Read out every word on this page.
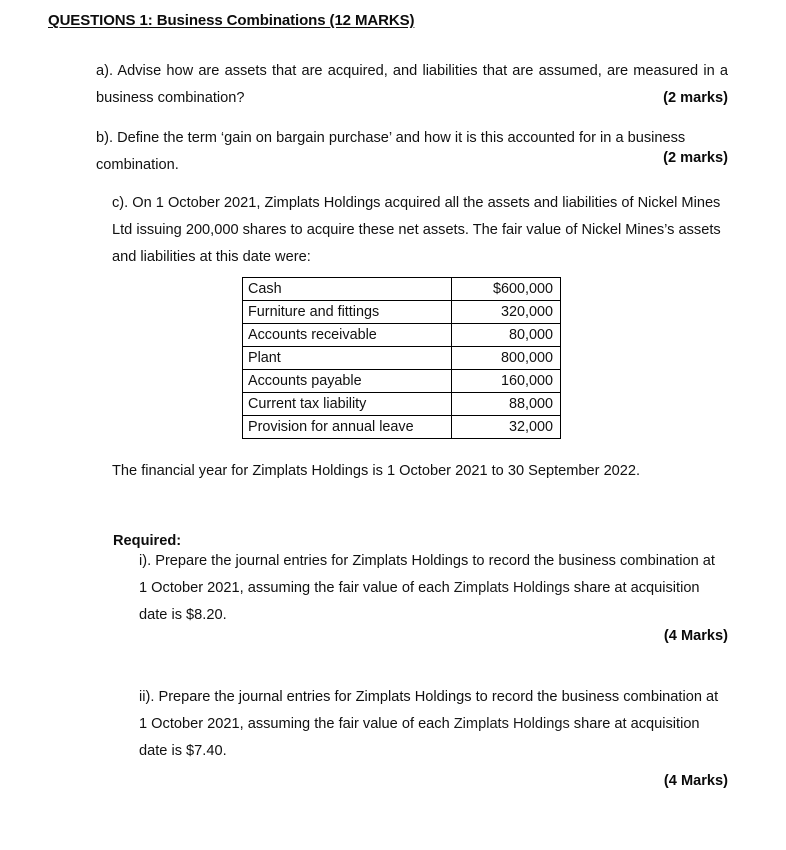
QUESTIONS 1: Business Combinations (12 MARKS)
a). Advise how are assets that are acquired, and liabilities that are assumed, are measured in a business combination?	(2 marks)
b). Define the term ‘gain on bargain purchase’ and how it is this accounted for in a business combination.	(2 marks)
c). On 1 October 2021, Zimplats Holdings acquired all the assets and liabilities of Nickel Mines Ltd issuing 200,000 shares to acquire these net assets. The fair value of Nickel Mines’s assets and liabilities at this date were:
Cash	$600,000
Furniture and fittings	320,000
Accounts receivable	80,000
Plant	800,000
Accounts payable	160,000
Current tax liability	88,000
Provision for annual leave	32,000
The financial year for Zimplats Holdings is 1 October 2021 to 30 September 2022.
Required:
i). Prepare the journal entries for Zimplats Holdings to record the business combination at 1 October 2021, assuming the fair value of each Zimplats Holdings share at acquisition date is $8.20.
(4 Marks)
ii). Prepare the journal entries for Zimplats Holdings to record the business combination at 1 October 2021, assuming the fair value of each Zimplats Holdings share at acquisition date is $7.40.
(4 Marks)
